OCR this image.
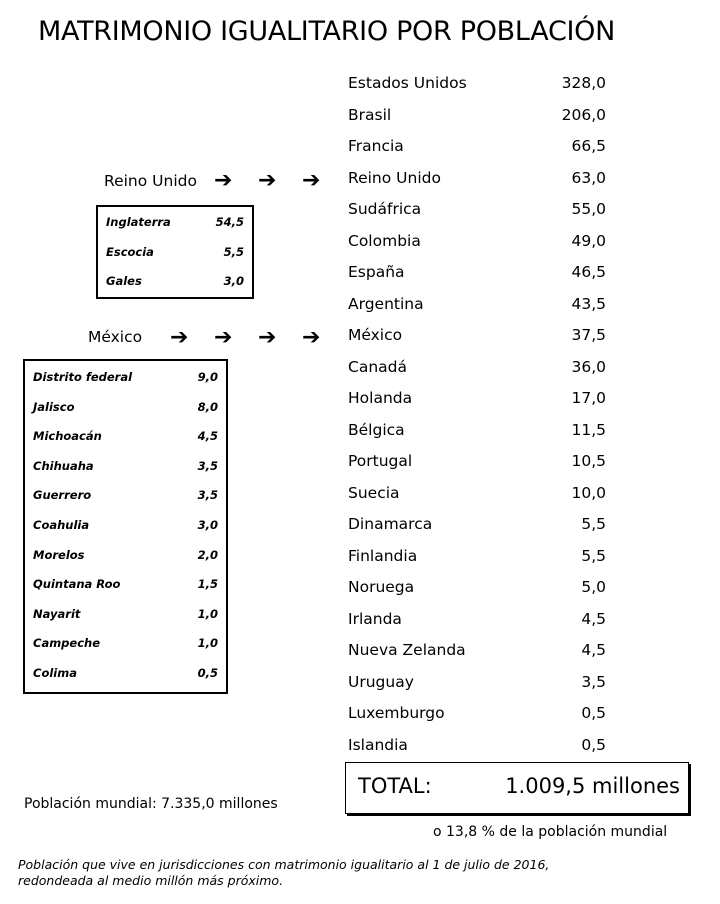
MATRIMONIO IGUALITARIO POR POBLACIÓN
Estados Unidos	328,0
Brasil	206,0
Francia	66,5
Reino Unido	63,0
Sudáfrica	55,0
Colombia	49,0
España	46,5
Argentina	43,5
México	37,5
Canadá	36,0
Holanda	17,0
Bélgica	11,5
Portugal	10,5
Suecia	10,0
Dinamarca	5,5
Finlandia	5,5
Noruega	5,0
Irlanda	4,5
Nueva Zelanda	4,5
Uruguay	3,5
Luxemburgo	0,5
Islandia	0,5
Reino Unido ➔	➔	➔
Inglaterra	54,5
Escocia	5,5
Gales	3,0
México ➔	➔	➔	➔
Distrito federal	9,0
Jalisco	8,0
Michoacán	4,5
Chihuaha	3,5
Guerrero	3,5
Coahulia	3,0
Morelos	2,0
Quintana Roo	1,5
Nayarit	1,0
Campeche	1,0
Colima	0,5
TOTAL:	1.009,5 millones
Población mundial: 7.335,0 millones
o 13,8 % de la población mundial
Población que vive en jurisdicciones con matrimonio igualitario al 1 de julio de 2016,
redondeada al medio millón más próximo.
